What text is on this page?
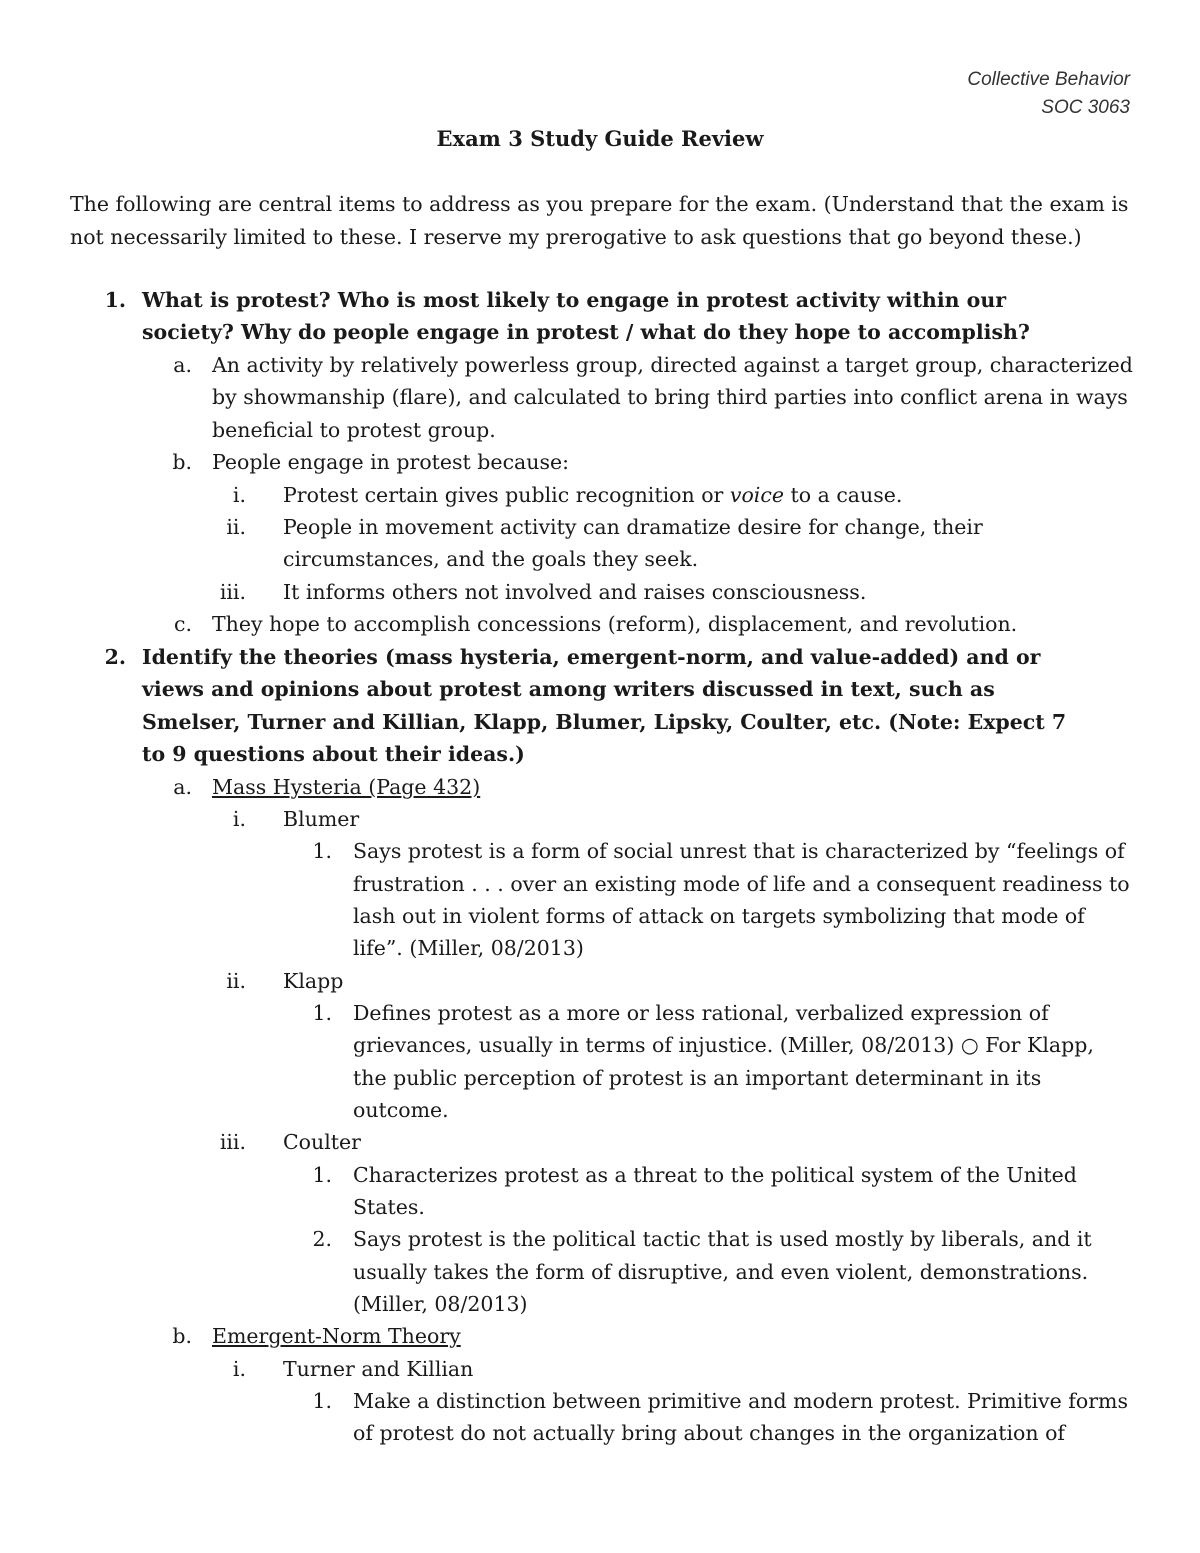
Collective Behavior
SOC 3063
Exam 3 Study Guide Review
The following are central items to address as you prepare for the exam. (Understand that the exam is
not necessarily limited to these. I reserve my prerogative to ask questions that go beyond these.)
1. What is protest? Who is most likely to engage in protest activity within our
society? Why do people engage in protest / what do they hope to accomplish?
a. An activity by relatively powerless group, directed against a target group, characterized
by showmanship (flare), and calculated to bring third parties into conflict arena in ways
beneficial to protest group.
b. People engage in protest because:
i. Protest certain gives public recognition or voice to a cause.
ii. People in movement activity can dramatize desire for change, their
circumstances, and the goals they seek.
iii. It informs others not involved and raises consciousness.
c. They hope to accomplish concessions (reform), displacement, and revolution.
2. Identify the theories (mass hysteria, emergent-norm, and value-added) and or
views and opinions about protest among writers discussed in text, such as
Smelser, Turner and Killian, Klapp, Blumer, Lipsky, Coulter, etc. (Note: Expect 7
to 9 questions about their ideas.)
a. Mass Hysteria (Page 432)
i. Blumer
1. Says protest is a form of social unrest that is characterized by “feelings of
frustration . . . over an existing mode of life and a consequent readiness to
lash out in violent forms of attack on targets symbolizing that mode of
life”. (Miller, 08/2013)
ii. Klapp
1. Defines protest as a more or less rational, verbalized expression of
grievances, usually in terms of injustice. (Miller, 08/2013) ○ For Klapp,
the public perception of protest is an important determinant in its
outcome.
iii. Coulter
1. Characterizes protest as a threat to the political system of the United
States.
2. Says protest is the political tactic that is used mostly by liberals, and it
usually takes the form of disruptive, and even violent, demonstrations.
(Miller, 08/2013)
b. Emergent-Norm Theory
i. Turner and Killian
1. Make a distinction between primitive and modern protest. Primitive forms
of protest do not actually bring about changes in the organization of
